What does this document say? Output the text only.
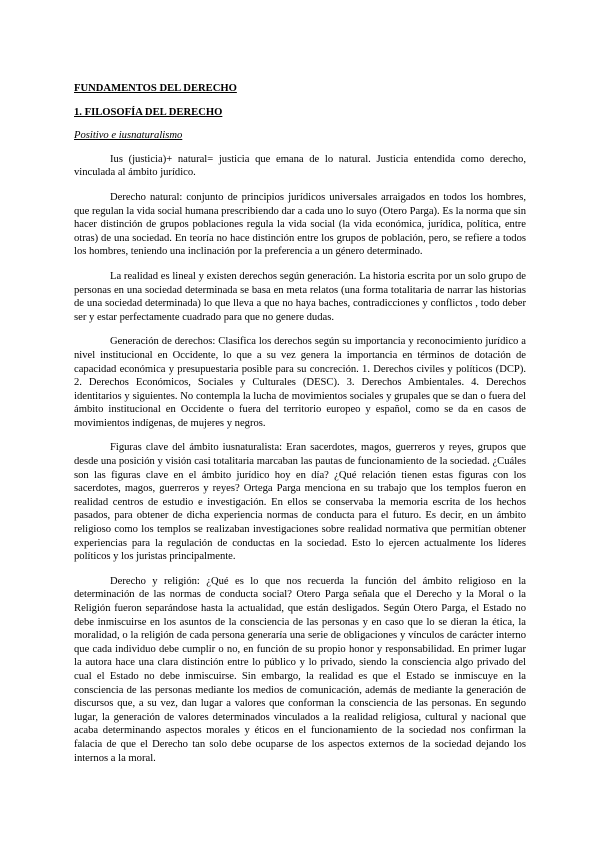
FUNDAMENTOS DEL DERECHO
1. FILOSOFÍA DEL DERECHO
Positivo e iusnaturalismo

Ius (justicia)+ natural= justicia que emana de lo natural. Justicia entendida como derecho, vinculada al ámbito jurídico.

Derecho natural: conjunto de principios jurídicos universales arraigados en todos los hombres, que regulan la vida social humana prescribiendo dar a cada uno lo suyo (Otero Parga). Es la norma que sin hacer distinción de grupos poblaciones regula la vida social (la vida económica, jurídica, política, entre otras) de una sociedad. En teoría no hace distinción entre los grupos de población, pero, se refiere a todos los hombres, teniendo una inclinación por la preferencia a un género determinado.

La realidad es lineal y existen derechos según generación. La historia escrita por un solo grupo de personas en una sociedad determinada se basa en meta relatos (una forma totalitaria de narrar las historias de una sociedad determinada) lo que lleva a que no haya baches, contradicciones y conflictos , todo deber ser y estar perfectamente cuadrado para que no genere dudas.

Generación de derechos: Clasifica los derechos según su importancia y reconocimiento jurídico a nivel institucional en Occidente, lo que a su vez genera la importancia en términos de dotación de capacidad económica y presupuestaria posible para su concreción. 1. Derechos civiles y políticos (DCP). 2. Derechos Económicos, Sociales y Culturales (DESC). 3. Derechos Ambientales. 4. Derechos identitarios y siguientes. No contempla la lucha de movimientos sociales y grupales que se dan o fuera del ámbito institucional en Occidente o fuera del territorio europeo y español, como se da en casos de movimientos indígenas, de mujeres y negros.

Figuras clave del ámbito iusnaturalista: Eran sacerdotes, magos, guerreros y reyes, grupos que desde una posición y visión casi totalitaria marcaban las pautas de funcionamiento de la sociedad. ¿Cuáles son las figuras clave en el ámbito jurídico hoy en día? ¿Qué relación tienen estas figuras con los sacerdotes, magos, guerreros y reyes? Ortega Parga menciona en su trabajo que los templos fueron en realidad centros de estudio e investigación. En ellos se conservaba la memoria escrita de los hechos pasados, para obtener de dicha experiencia normas de conducta para el futuro. Es decir, en un ámbito religioso como los templos se realizaban investigaciones sobre realidad normativa que permitían obtener experiencias para la regulación de conductas en la sociedad. Esto lo ejercen actualmente los líderes políticos y los juristas principalmente.

Derecho y religión: ¿Qué es lo que nos recuerda la función del ámbito religioso en la determinación de las normas de conducta social? Otero Parga señala que el Derecho y la Moral o la Religión fueron separándose hasta la actualidad, que están desligados. Según Otero Parga, el Estado no debe inmiscuirse en los asuntos de la consciencia de las personas y en caso que lo se dieran la ética, la moralidad, o la religión de cada persona generaría una serie de obligaciones y vínculos de carácter interno que cada individuo debe cumplir o no, en función de su propio honor y responsabilidad. En primer lugar la autora hace una clara distinción entre lo público y lo privado, siendo la consciencia algo privado del cual el Estado no debe inmiscuirse. Sin embargo, la realidad es que el Estado se inmiscuye en la consciencia de las personas mediante los medios de comunicación, además de mediante la generación de discursos que, a su vez, dan lugar a valores que conforman la consciencia de las personas. En segundo lugar, la generación de valores determinados vinculados a la realidad religiosa, cultural y nacional que acaba determinando aspectos morales y éticos en el funcionamiento de la sociedad nos confirman la falacia de que el Derecho tan solo debe ocuparse de los aspectos externos de la sociedad dejando los internos a la moral.
